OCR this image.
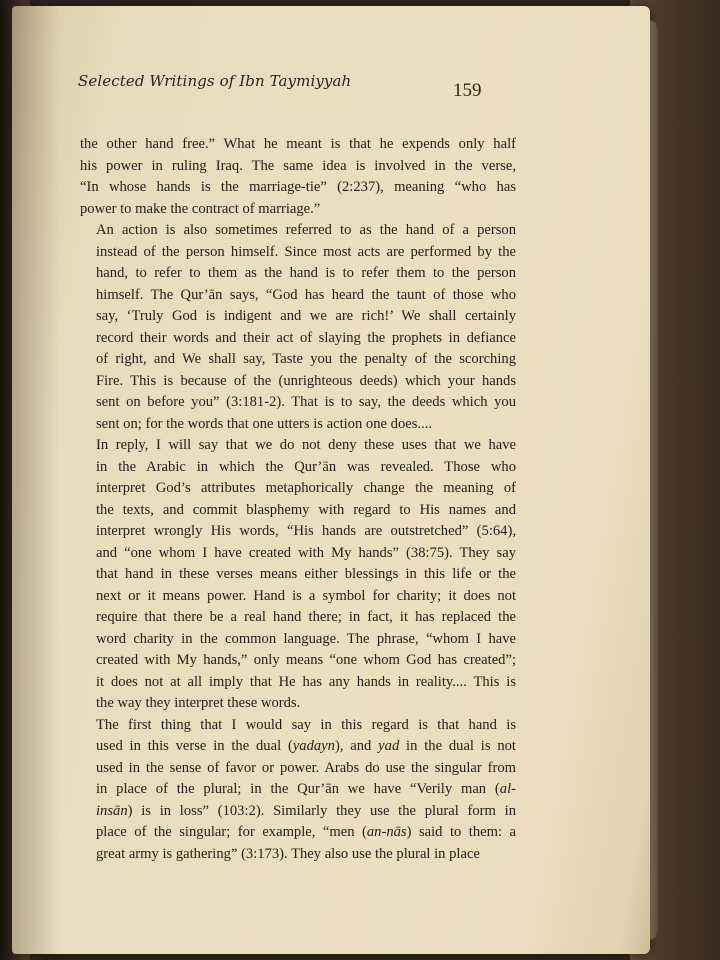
Selected Writings of Ibn Taymiyyah	159

the other hand free.” What he meant is that he expends only half
his power in ruling Iraq. The same idea is involved in the verse,
“In whose hands is the marriage-tie” (2:237), meaning “who has
power to make the contract of marriage.”

An action is also sometimes referred to as the hand of a person
instead of the person himself. Since most acts are performed by the
hand, to refer to them as the hand is to refer them to the person
himself. The Qur’ān says, “God has heard the taunt of those who
say, ‘Truly God is indigent and we are rich!’ We shall certainly
record their words and their act of slaying the prophets in defiance
of right, and We shall say, Taste you the penalty of the scorching
Fire. This is because of the (unrighteous deeds) which your hands
sent on before you” (3:181-2). That is to say, the deeds which you
sent on; for the words that one utters is action one does....

In reply, I will say that we do not deny these uses that we have
in the Arabic in which the Qur’ān was revealed. Those who
interpret God’s attributes metaphorically change the meaning of
the texts, and commit blasphemy with regard to His names and
interpret wrongly His words, “His hands are outstretched” (5:64),
and “one whom I have created with My hands” (38:75). They say
that hand in these verses means either blessings in this life or the
next or it means power. Hand is a symbol for charity; it does not
require that there be a real hand there; in fact, it has replaced the
word charity in the common language. The phrase, “whom I have
created with My hands,” only means “one whom God has created”;
it does not at all imply that He has any hands in reality.... This is
the way they interpret these words.

The first thing that I would say in this regard is that hand is
used in this verse in the dual (yadayn), and yad in the dual is not
used in the sense of favor or power. Arabs do use the singular from
in place of the plural; in the Qur’ān we have “Verily man (al-
insān) is in loss” (103:2). Similarly they use the plural form in
place of the singular; for example, “men (an-nās) said to them: a
great army is gathering” (3:173). They also use the plural in place
